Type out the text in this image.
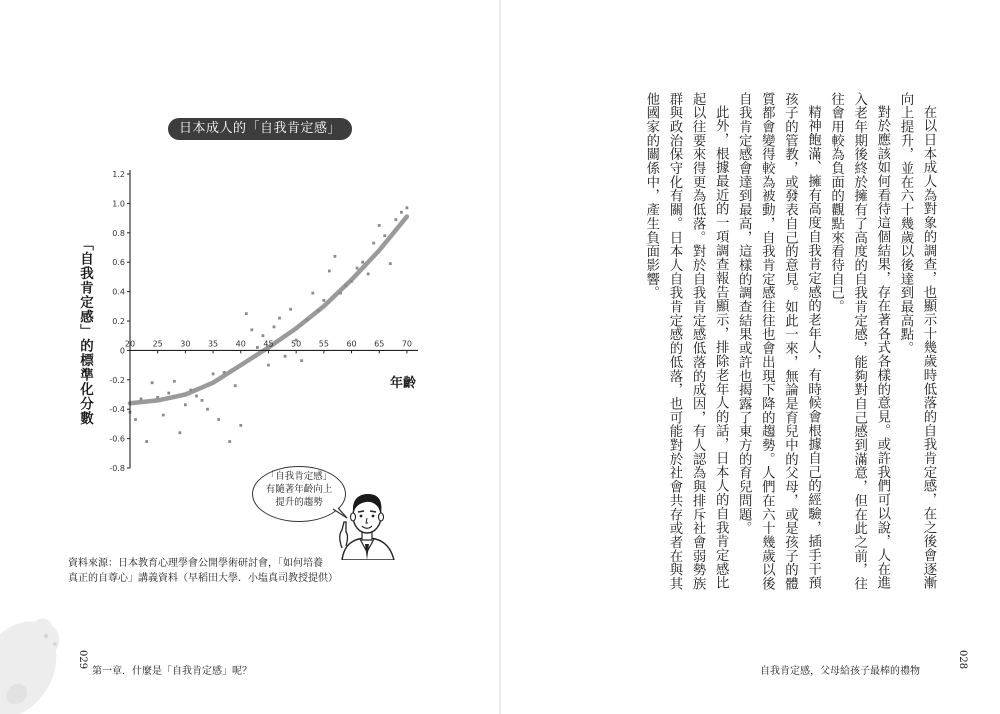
日本成人的「自我肯定感」
1.2
1.0
0.8
0.6
0.4
0.2
0
-0.2
-0.4
-0.6
-0.8
20 25 30 35 40 45 50 55 60 65 70
「自我肯定感」的標準化分數	年齡
「自我肯定感」
有隨著年齡向上
提升的趨勢
資料來源：日本教育心理學會公開學術研討會，「如何培養
真正的自尊心」講義資料（早稻田大學．小塩真司教授提供）
029
第一章．什麼是「自我肯定感」呢？

在以日本成人為對象的調查，也顯示十幾歲時低落的自我肯定感，在之後會逐漸向上提升，並在六十幾歲以後達到最高點。

對於應該如何看待這個結果，存在著各式各樣的意見。或許我們可以說，人在進入老年期後終於擁有了高度的自我肯定感，能夠對自己感到滿意，但在此之前，往往會用較為負面的觀點來看待自己。

精神飽滿、擁有高度自我肯定感的老年人，有時候會根據自己的經驗，插手干預孩子的管教，或發表自己的意見。如此一來，無論是育兒中的父母，或是孩子的體質都會變得較為被動，自我肯定感往往也會出現下降的趨勢。人們在六十幾歲以後自我肯定感會達到最高，這樣的調查結果或許也揭露了東方的育兒問題。

此外，根據最近的一項調查報告顯示，排除老年人的話，日本人的自我肯定感比起以往要來得更為低落。對於自我肯定感低落的成因，有人認為與排斥社會弱勢族群與政治保守化有關。日本人自我肯定感的低落，也可能對於社會共存或者在與其他國家的關係中，產生負面影響。

028
自我肯定感，父母給孩子最棒的禮物
